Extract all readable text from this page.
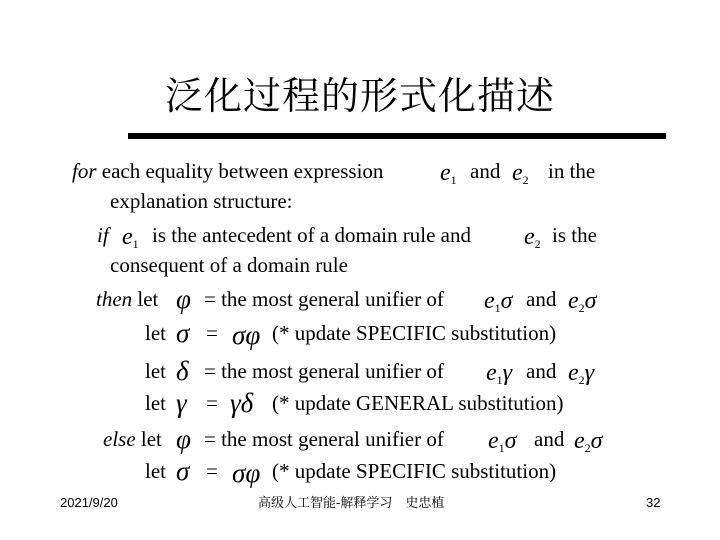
泛化过程的形式化描述
for each equality between expression $e_1$ and $e_2$ in the
explanation structure:
if $e_1$ is the antecedent of a domain rule and $e_2$ is the
consequent of a domain rule
then let φ = the most general unifier of $e_1\sigma$ and $e_2\sigma$
let σ = σφ (* update SPECIFIC substitution)
let δ = the most general unifier of $e_1\gamma$ and $e_2\gamma$
let γ = γδ (* update GENERAL substitution)
else let φ = the most general unifier of $e_1\sigma$ and $e_2\sigma$
let σ = σφ (* update SPECIFIC substitution)
2021/9/20	高级人工智能-解释学习　史忠植	32
